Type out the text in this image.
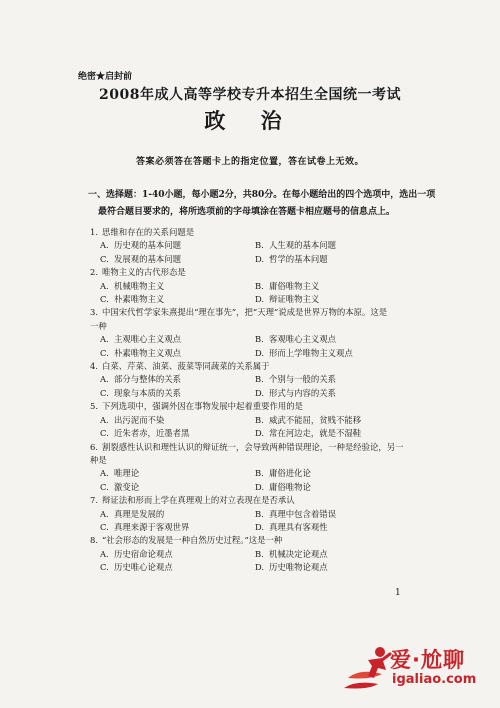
绝密★启封前
2008年成人高等学校专升本招生全国统一考试
政 治
答案必须答在答题卡上的指定位置，答在试卷上无效。
一、选择题：1-40小题，每小题2分，共80分。在每小题给出的四个选项中，选出一项最符合题目要求的，将所选项前的字母填涂在答题卡相应题号的信息点上。
1. 思维和存在的关系问题是
A. 历史观的基本问题	B. 人生观的基本问题
C. 发展观的基本问题	D. 哲学的基本问题
2. 唯物主义的古代形态是
A. 机械唯物主义	B. 庸俗唯物主义
C. 朴素唯物主义	D. 辩证唯物主义
3. 中国宋代哲学家朱熹提出“理在事先”，把“天理”说成是世界万物的本原。这是
一种
A. 主观唯心主义观点	B. 客观唯心主义观点
C. 朴素唯物主义观点	D. 形而上学唯物主义观点
4. 白菜、芹菜、油菜、菠菜等同蔬菜的关系属于
A. 部分与整体的关系	B. 个别与一般的关系
C. 现象与本质的关系	D. 形式与内容的关系
5. 下列选项中，强调外因在事物发展中起着重要作用的是
A. 出污泥而不染	B. 威武不能屈，贫贱不能移
C. 近朱者赤，近墨者黑	D. 常在河边走，就是不湿鞋
6. 割裂感性认识和理性认识的辩证统一，会导致两种错误理论，一种是经验论，另一
种是
A. 唯理论	B. 庸俗进化论
C. 激变论	D. 庸俗唯物论
7. 辩证法和形而上学在真理观上的对立表现在是否承认
A. 真理是发展的	B. 真理中包含着错误
C. 真理来源于客观世界	D. 真理具有客观性
8. “社会形态的发展是一种自然历史过程。”这是一种
A. 历史宿命论观点	B. 机械决定论观点
C. 历史唯心论观点	D. 历史唯物论观点
1
爱·尬聊
igaliao.com
